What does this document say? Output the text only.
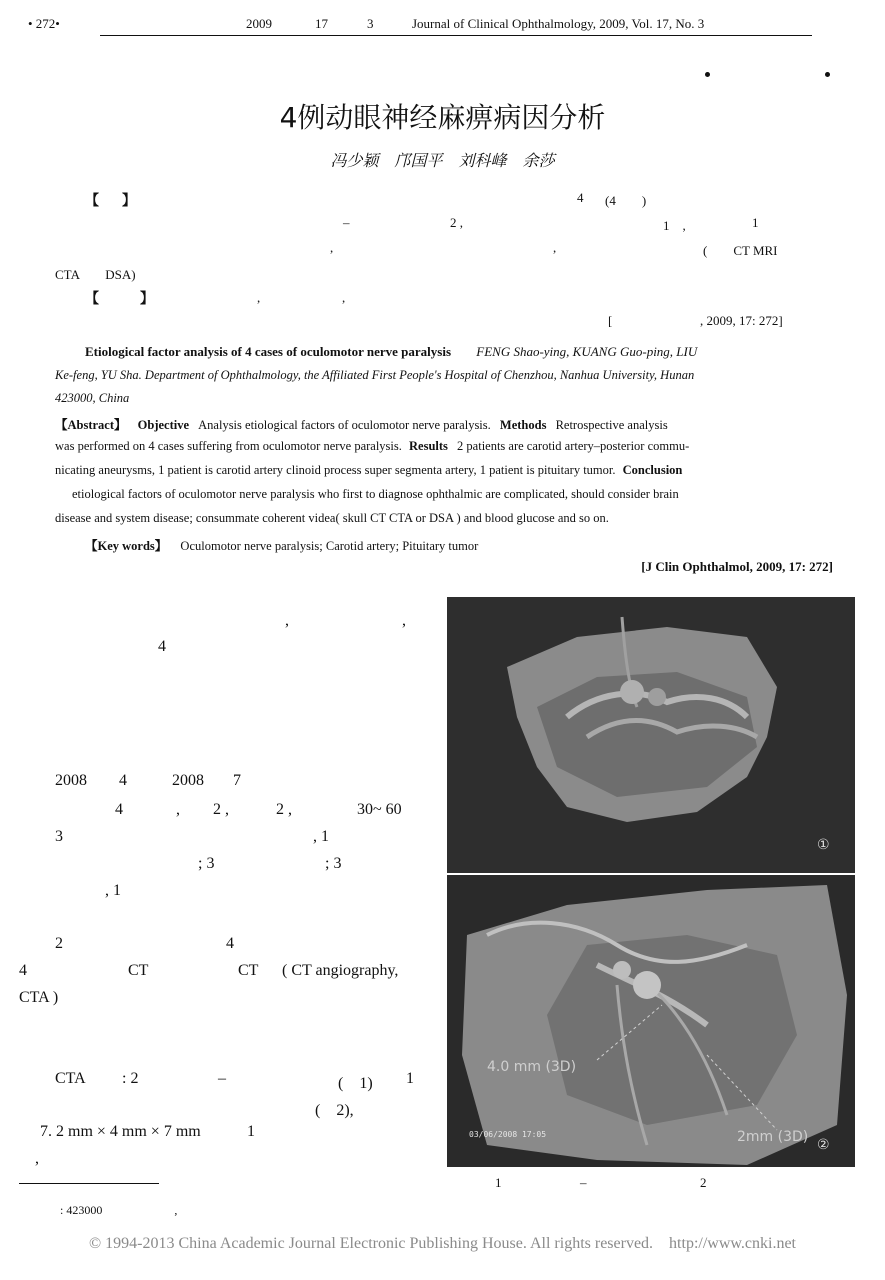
• 272•	2009	17	3	Journal of Clinical Ophthalmology, 2009, Vol. 17, No. 3
4例动眼神经麻痹病因分析
冯少颖　邝国平　刘科峰　余莎
【 】	4 (4　　)
–	2 ,	1　,	1
,	,	(　　CT MRI
CTA　　DSA)
【	】	,	,
[	, 2009, 17: 272]
Etiological factor analysis of 4 cases of oculomotor nerve paralysis FENG Shao-ying, KUANG Guo-ping, LIU
Ke-feng, YU Sha. Department of Ophthalmology, the Affiliated First People's Hospital of Chenzhou, Nanhua University, Hunan
423000, China
【Abstract】 Objective Analysis etiological factors of oculomotor nerve paralysis. Methods Retrospective analysis
was performed on 4 cases suffering from oculomotor nerve paralysis. Results 2 patients are carotid artery–posterior commu-
nicating aneurysms, 1 patient is carotid artery clinoid process super segmenta artery, 1 patient is pituitary tumor. Conclusion
etiological factors of oculomotor nerve paralysis who first to diagnose ophthalmic are complicated, should consider brain
disease and system disease; consummate coherent videa( skull CT CTA or DSA ) and blood glucose and so on.
【Key words】 Oculomotor nerve paralysis; Carotid artery; Pituitary tumor
[J Clin Ophthalmol, 2009, 17: 272]
,	,
4
2008 4	2008 7
4	, 2 ,	2 ,	30~ 60
3	, 1
; 3	; 3
, 1
2	4
4	CT	CT ( CT angiography,
CTA )
CTA : 2	–	(　1) 1
(　2),
7. 2 mm × 4 mm × 7 mm	1
,
: 423000　　　　　　,
①
4.0 mm (3D)
2mm (3D)
03/06/2008 17:05
②
1	–	2
© 1994-2013 China Academic Journal Electronic Publishing House. All rights reserved.　http://www.cnki.net
